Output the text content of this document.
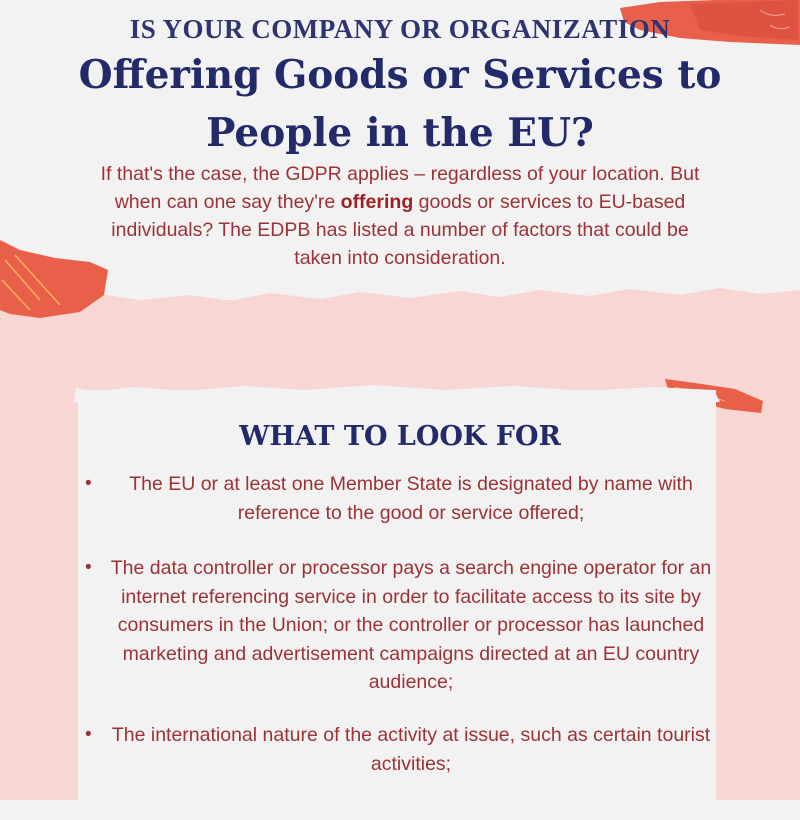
IS YOUR COMPANY OR ORGANIZATION
Offering Goods or Services to People in the EU?

If that's the case, the GDPR applies – regardless of your location. But when can one say they're offering goods or services to EU-based individuals? The EDPB has listed a number of factors that could be taken into consideration.

WHAT TO LOOK FOR
•	The EU or at least one Member State is designated by name with reference to the good or service offered;
• The data controller or processor pays a search engine operator for an internet referencing service in order to facilitate access to its site by consumers in the Union; or the controller or processor has launched marketing and advertisement campaigns directed at an EU country audience;
• The international nature of the activity at issue, such as certain tourist activities;
